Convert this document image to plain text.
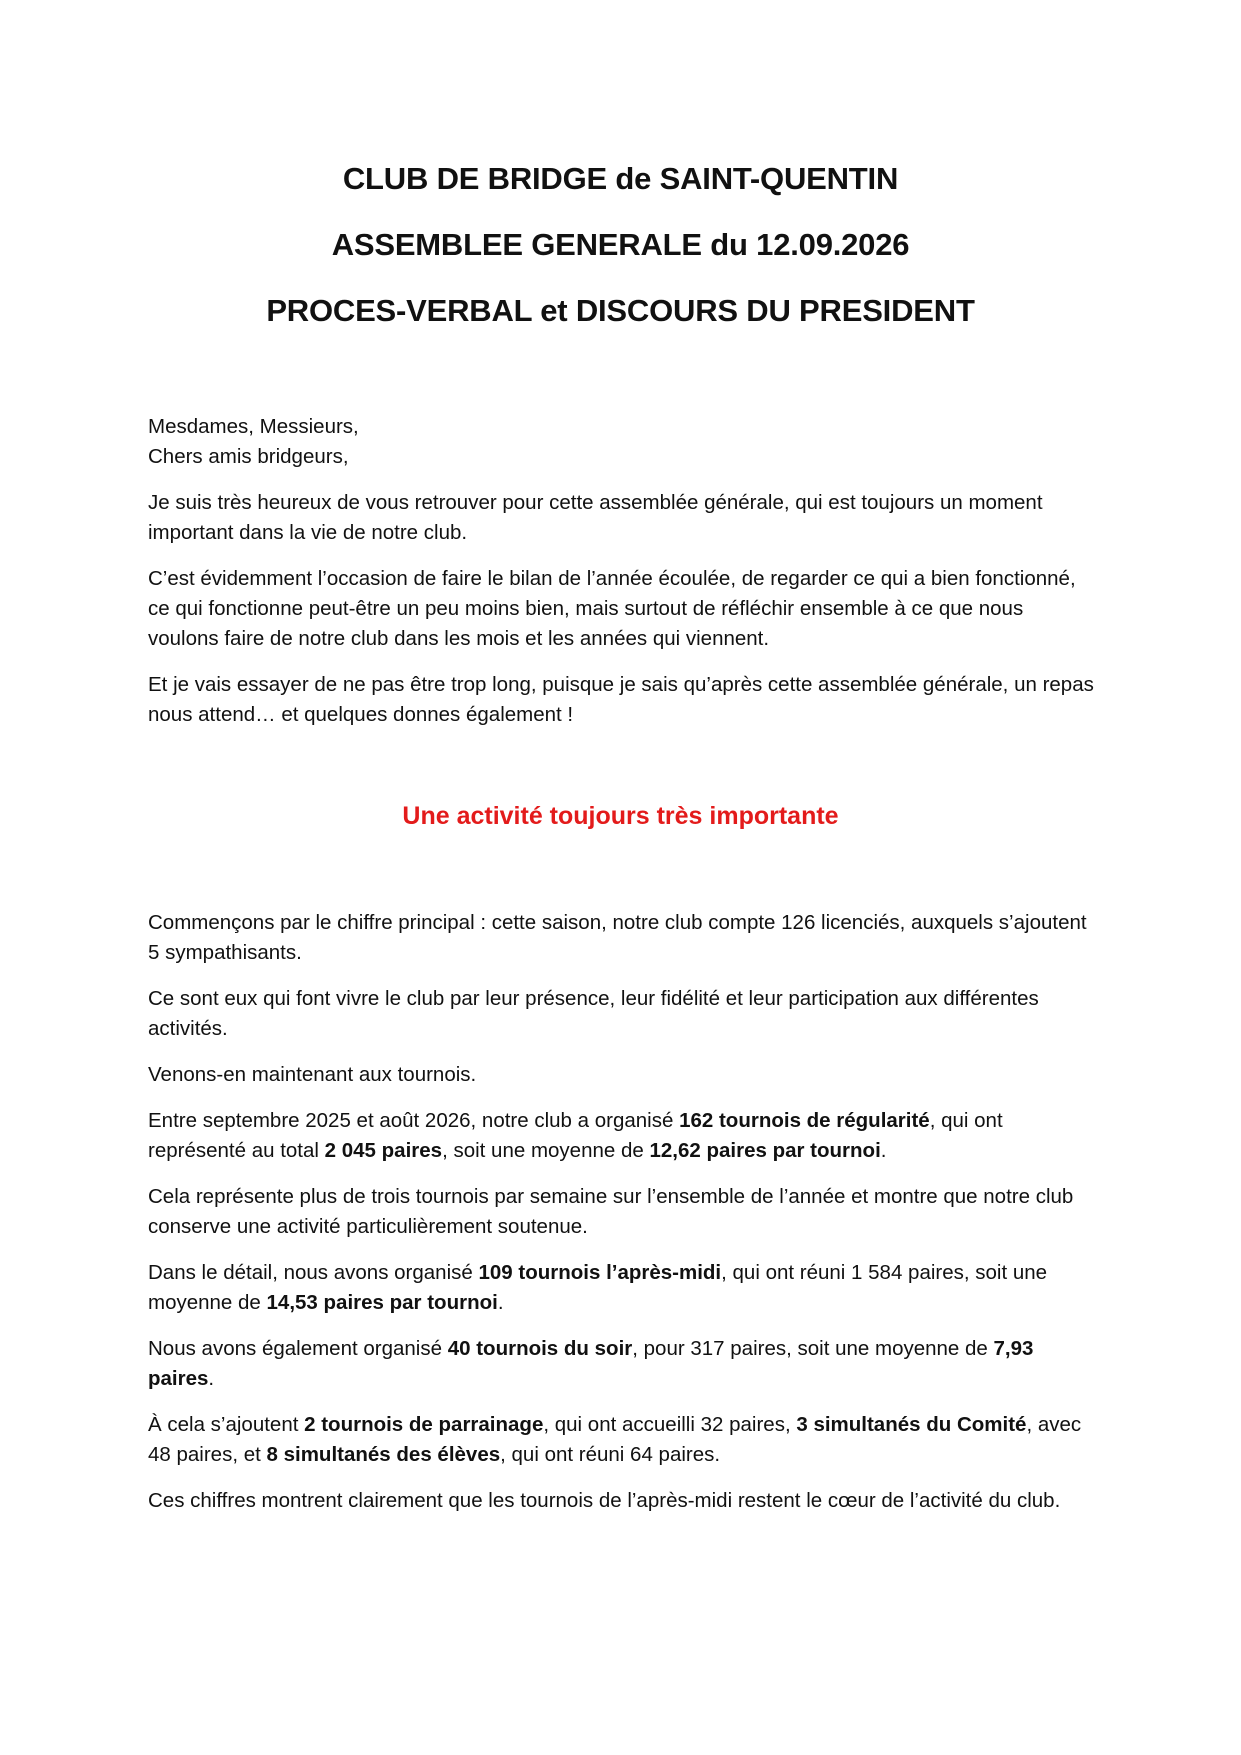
CLUB DE BRIDGE de SAINT-QUENTIN
ASSEMBLEE GENERALE du 12.09.2026
PROCES-VERBAL et DISCOURS DU PRESIDENT

Mesdames, Messieurs,
Chers amis bridgeurs,

Je suis très heureux de vous retrouver pour cette assemblée générale, qui est toujours un moment important dans la vie de notre club.

C’est évidemment l’occasion de faire le bilan de l’année écoulée, de regarder ce qui a bien fonctionné, ce qui fonctionne peut-être un peu moins bien, mais surtout de réfléchir ensemble à ce que nous voulons faire de notre club dans les mois et les années qui viennent.

Et je vais essayer de ne pas être trop long, puisque je sais qu’après cette assemblée générale, un repas nous attend… et quelques donnes également !

Une activité toujours très importante

Commençons par le chiffre principal : cette saison, notre club compte 126 licenciés, auxquels s’ajoutent 5 sympathisants.

Ce sont eux qui font vivre le club par leur présence, leur fidélité et leur participation aux différentes activités.

Venons-en maintenant aux tournois.

Entre septembre 2025 et août 2026, notre club a organisé 162 tournois de régularité, qui ont représenté au total 2 045 paires, soit une moyenne de 12,62 paires par tournoi.

Cela représente plus de trois tournois par semaine sur l’ensemble de l’année et montre que notre club conserve une activité particulièrement soutenue.

Dans le détail, nous avons organisé 109 tournois l’après-midi, qui ont réuni 1 584 paires, soit une moyenne de 14,53 paires par tournoi.

Nous avons également organisé 40 tournois du soir, pour 317 paires, soit une moyenne de 7,93 paires.

À cela s’ajoutent 2 tournois de parrainage, qui ont accueilli 32 paires, 3 simultanés du Comité, avec 48 paires, et 8 simultanés des élèves, qui ont réuni 64 paires.

Ces chiffres montrent clairement que les tournois de l’après-midi restent le cœur de l’activité du club.
